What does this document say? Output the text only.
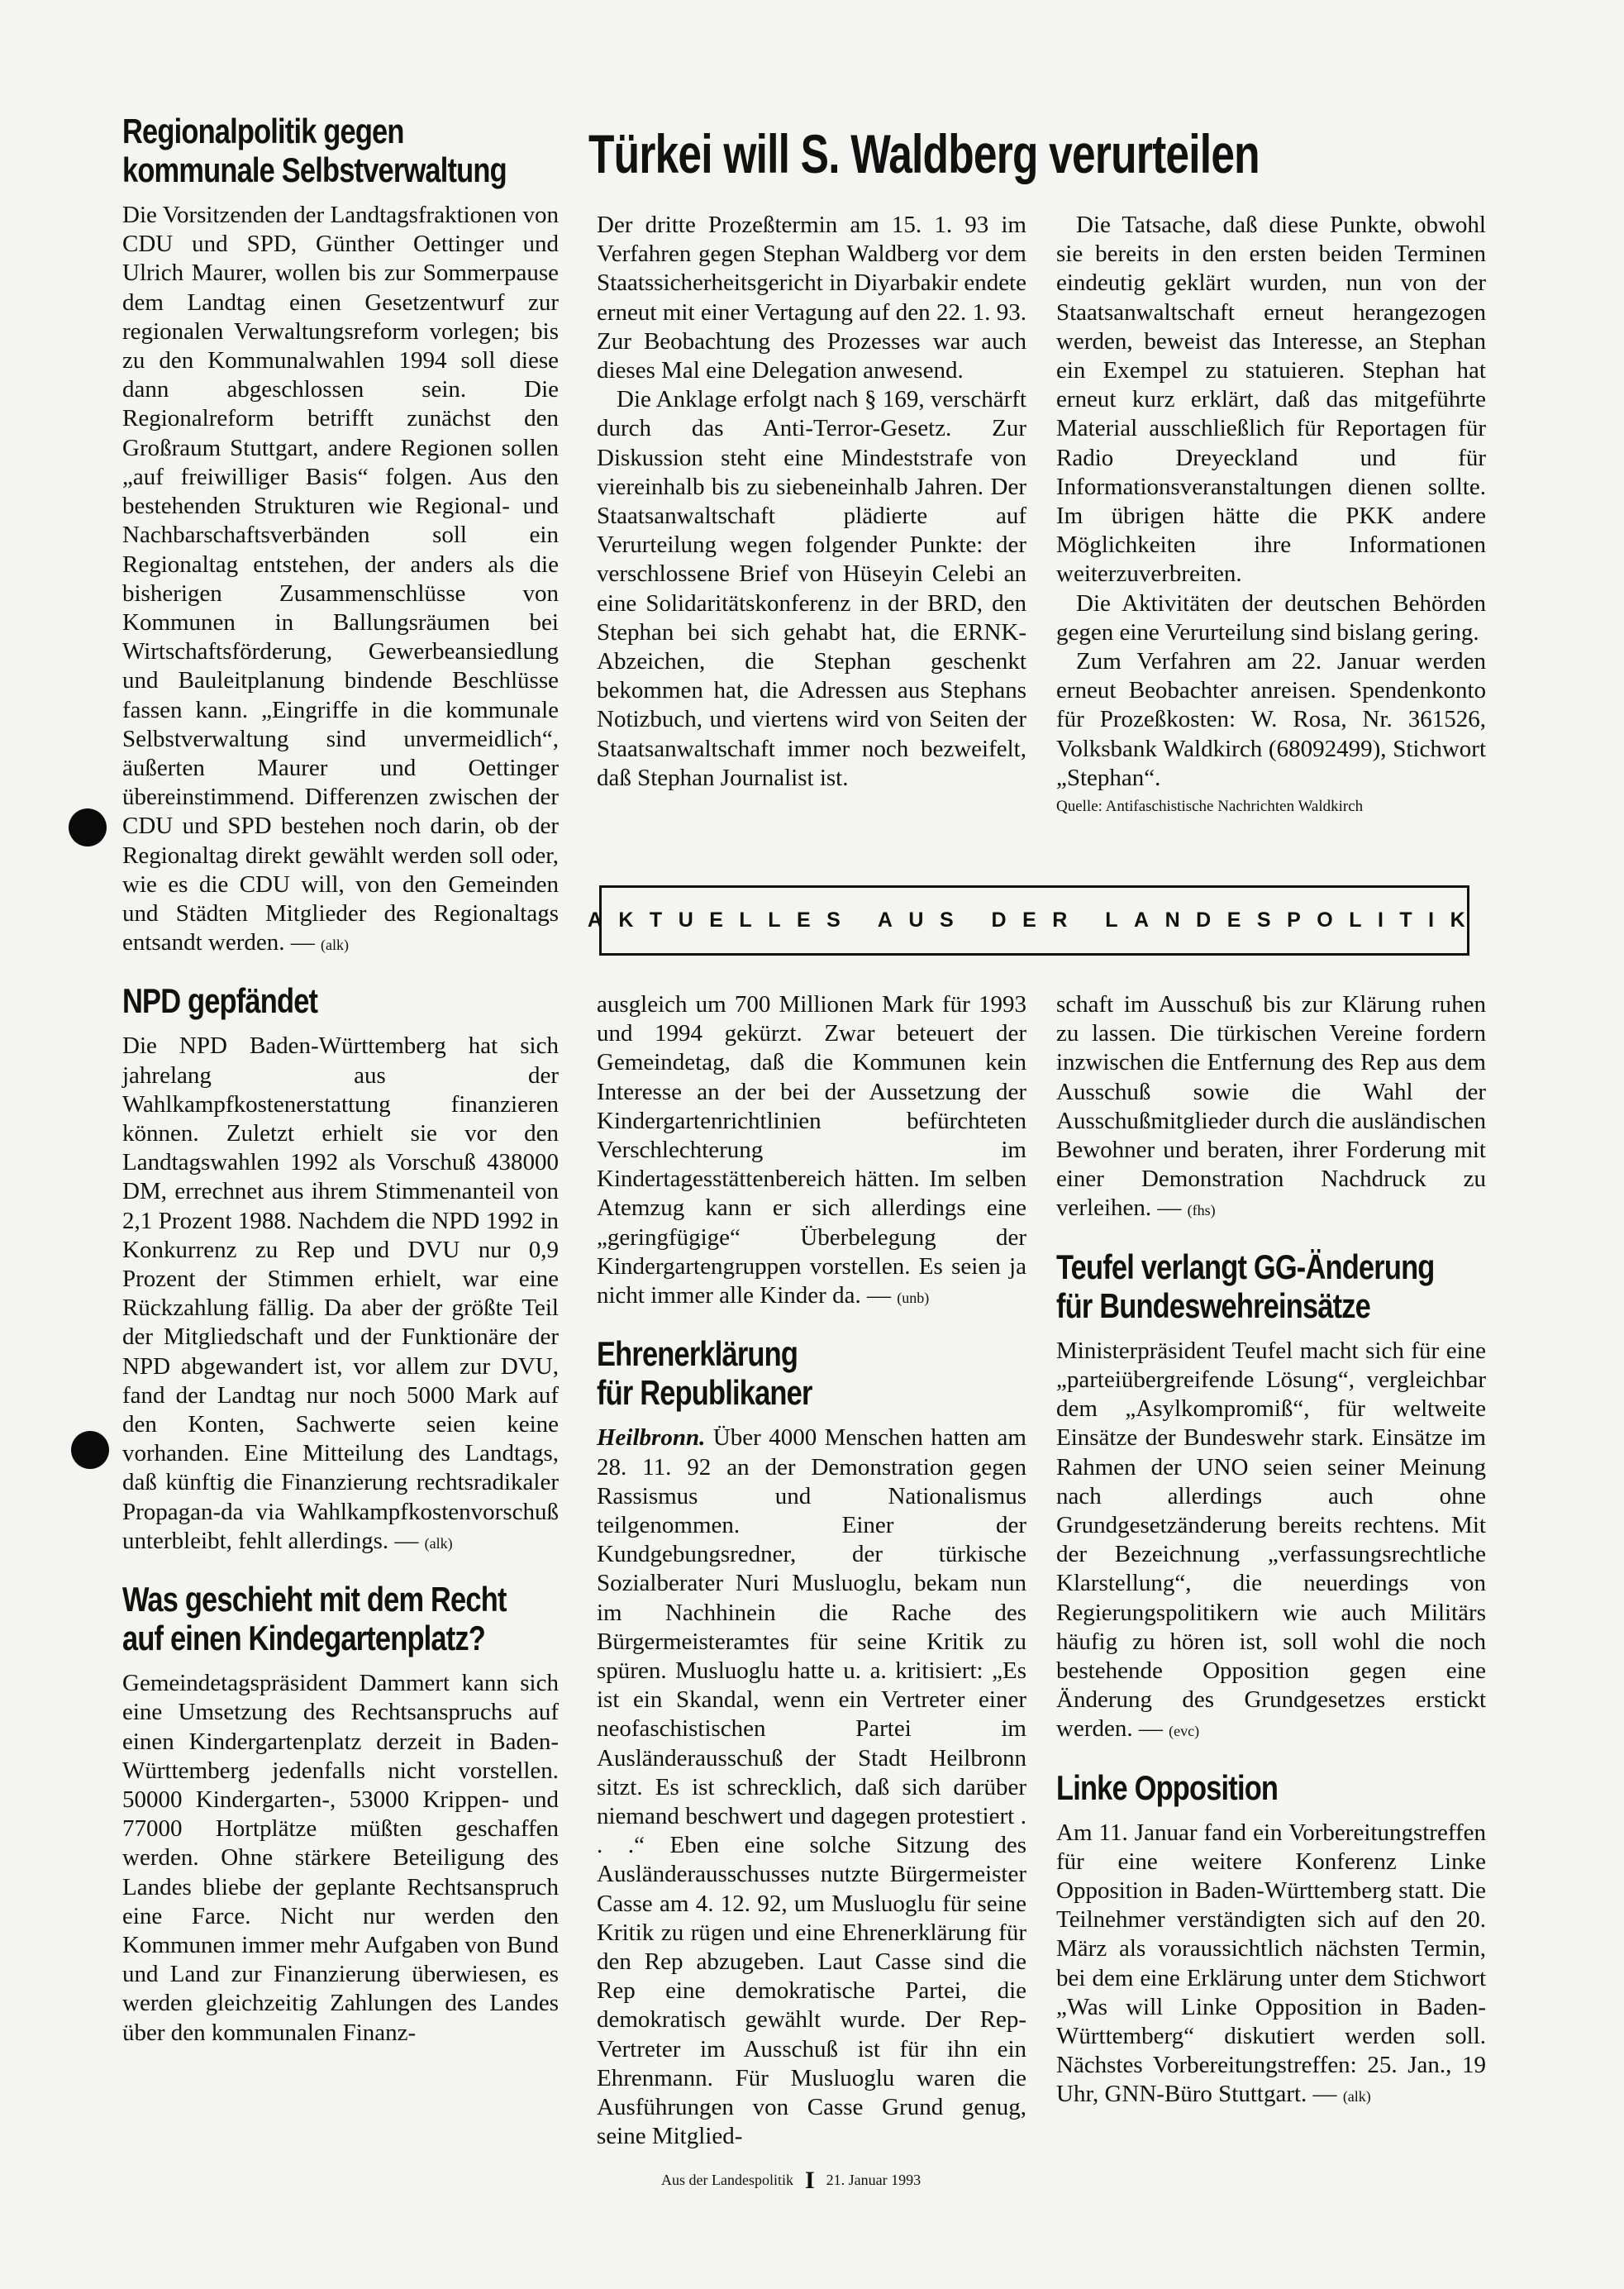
Regionalpolitik gegen
kommunale Selbstverwaltung

Die Vorsitzenden der Landtagsfraktionen von CDU und SPD, Günther Oettinger und Ulrich Maurer, wollen bis zur Sommerpause dem Landtag einen Gesetzentwurf zur regionalen Verwaltungsreform vorlegen; bis zu den Kommunalwahlen 1994 soll diese dann abgeschlossen sein. Die Regionalreform betrifft zunächst den Großraum Stuttgart, andere Regionen sollen „auf freiwilliger Basis“ folgen. Aus den bestehenden Strukturen wie Regional- und Nachbarschaftsverbänden soll ein Regionaltag entstehen, der anders als die bisherigen Zusammenschlüsse von Kommunen in Ballungsräumen bei Wirtschaftsförderung, Gewerbeansiedlung und Bauleitplanung bindende Beschlüsse fassen kann. „Eingriffe in die kommunale Selbstverwaltung sind unvermeidlich“, äußerten Maurer und Oettinger übereinstimmend. Differenzen zwischen der CDU und SPD bestehen noch darin, ob der Regionaltag direkt gewählt werden soll oder, wie es die CDU will, von den Gemeinden und Städten Mitglieder des Regionaltags entsandt werden. — (alk)

NPD gepfändet

Die NPD Baden-Württemberg hat sich jahrelang aus der Wahlkampfkostenerstattung finanzieren können. Zuletzt erhielt sie vor den Landtagswahlen 1992 als Vorschuß 438000 DM, errechnet aus ihrem Stimmenanteil von 2,1 Prozent 1988. Nachdem die NPD 1992 in Konkurrenz zu Rep und DVU nur 0,9 Prozent der Stimmen erhielt, war eine Rückzahlung fällig. Da aber der größte Teil der Mitgliedschaft und der Funktionäre der NPD abgewandert ist, vor allem zur DVU, fand der Landtag nur noch 5000 Mark auf den Konten, Sachwerte seien keine vorhanden. Eine Mitteilung des Landtags, daß künftig die Finanzierung rechtsradikaler Propagan-da via Wahlkampfkostenvorschuß unterbleibt, fehlt allerdings. — (alk)

Was geschieht mit dem Recht
auf einen Kindegartenplatz?

Gemeindetagspräsident Dammert kann sich eine Umsetzung des Rechtsanspruchs auf einen Kindergartenplatz derzeit in Baden-Württemberg jedenfalls nicht vorstellen. 50000 Kindergarten-, 53000 Krippen- und 77000 Hortplätze müßten geschaffen werden. Ohne stärkere Beteiligung des Landes bliebe der geplante Rechtsanspruch eine Farce. Nicht nur werden den Kommunen immer mehr Aufgaben von Bund und Land zur Finanzierung überwiesen, es werden gleichzeitig Zahlungen des Landes über den kommunalen Finanz-

Türkei will S. Waldberg verurteilen

Der dritte Prozeßtermin am 15. 1. 93 im Verfahren gegen Stephan Waldberg vor dem Staatssicherheitsgericht in Diyarbakir endete erneut mit einer Vertagung auf den 22. 1. 93. Zur Beobachtung des Prozesses war auch dieses Mal eine Delegation anwesend.

Die Anklage erfolgt nach § 169, verschärft durch das Anti-Terror-Gesetz. Zur Diskussion steht eine Mindeststrafe von viereinhalb bis zu siebeneinhalb Jahren. Der Staatsanwaltschaft plädierte auf Verurteilung wegen folgender Punkte: der verschlossene Brief von Hüseyin Celebi an eine Solidaritätskonferenz in der BRD, den Stephan bei sich gehabt hat, die ERNK-Abzeichen, die Stephan geschenkt bekommen hat, die Adressen aus Stephans Notizbuch, und viertens wird von Seiten der Staatsanwaltschaft immer noch bezweifelt, daß Stephan Journalist ist.

Die Tatsache, daß diese Punkte, obwohl sie bereits in den ersten beiden Terminen eindeutig geklärt wurden, nun von der Staatsanwaltschaft erneut herangezogen werden, beweist das Interesse, an Stephan ein Exempel zu statuieren. Stephan hat erneut kurz erklärt, daß das mitgeführte Material ausschließlich für Reportagen für Radio Dreyeckland und für Informationsveranstaltungen dienen sollte. Im übrigen hätte die PKK andere Möglichkeiten ihre Informationen weiterzuverbreiten.

Die Aktivitäten der deutschen Behörden gegen eine Verurteilung sind bislang gering.

Zum Verfahren am 22. Januar werden erneut Beobachter anreisen. Spendenkonto für Prozeßkosten: W. Rosa, Nr. 361526, Volksbank Waldkirch (68092499), Stichwort „Stephan“.

Quelle: Antifaschistische Nachrichten Waldkirch
AKTUELLES AUS DER LANDESPOLITIK

ausgleich um 700 Millionen Mark für 1993 und 1994 gekürzt. Zwar beteuert der Gemeindetag, daß die Kommunen kein Interesse an der bei der Aussetzung der Kindergartenrichtlinien befürchteten Verschlechterung im Kindertagesstättenbereich hätten. Im selben Atemzug kann er sich allerdings eine „geringfügige“ Überbelegung der Kindergartengruppen vorstellen. Es seien ja nicht immer alle Kinder da. — (unb)

Ehrenerklärung
für Republikaner

Heilbronn. Über 4000 Menschen hatten am 28. 11. 92 an der Demonstration gegen Rassismus und Nationalismus teilgenommen. Einer der Kundgebungsredner, der türkische Sozialberater Nuri Musluoglu, bekam nun im Nachhinein die Rache des Bürgermeisteramtes für seine Kritik zu spüren. Musluoglu hatte u. a. kritisiert: „Es ist ein Skandal, wenn ein Vertreter einer neofaschistischen Partei im Ausländerausschuß der Stadt Heilbronn sitzt. Es ist schrecklich, daß sich darüber niemand beschwert und dagegen protestiert . . .“ Eben eine solche Sitzung des Ausländerausschusses nutzte Bürgermeister Casse am 4. 12. 92, um Musluoglu für seine Kritik zu rügen und eine Ehrenerklärung für den Rep abzugeben. Laut Casse sind die Rep eine demokratische Partei, die demokratisch gewählt wurde. Der Rep-Vertreter im Ausschuß ist für ihn ein Ehrenmann. Für Musluoglu waren die Ausführungen von Casse Grund genug, seine Mitglied-

schaft im Ausschuß bis zur Klärung ruhen zu lassen. Die türkischen Vereine fordern inzwischen die Entfernung des Rep aus dem Ausschuß sowie die Wahl der Ausschußmitglieder durch die ausländischen Bewohner und beraten, ihrer Forderung mit einer Demonstration Nachdruck zu verleihen. — (fhs)

Teufel verlangt GG-Änderung
für Bundeswehreinsätze

Ministerpräsident Teufel macht sich für eine „parteiübergreifende Lösung“, vergleichbar dem „Asylkompromiß“, für weltweite Einsätze der Bundeswehr stark. Einsätze im Rahmen der UNO seien seiner Meinung nach allerdings auch ohne Grundgesetzänderung bereits rechtens. Mit der Bezeichnung „verfassungsrechtliche Klarstellung“, die neuerdings von Regierungspolitikern wie auch Militärs häufig zu hören ist, soll wohl die noch bestehende Opposition gegen eine Änderung des Grundgesetzes erstickt werden. — (evc)

Linke Opposition

Am 11. Januar fand ein Vorbereitungstreffen für eine weitere Konferenz Linke Opposition in Baden-Württemberg statt. Die Teilnehmer verständigten sich auf den 20. März als voraussichtlich nächsten Termin, bei dem eine Erklärung unter dem Stichwort „Was will Linke Opposition in Baden-Württemberg“ diskutiert werden soll. Nächstes Vorbereitungstreffen: 25. Jan., 19 Uhr, GNN-Büro Stuttgart. — (alk)

Aus der Landespolitik I 21. Januar 1993
